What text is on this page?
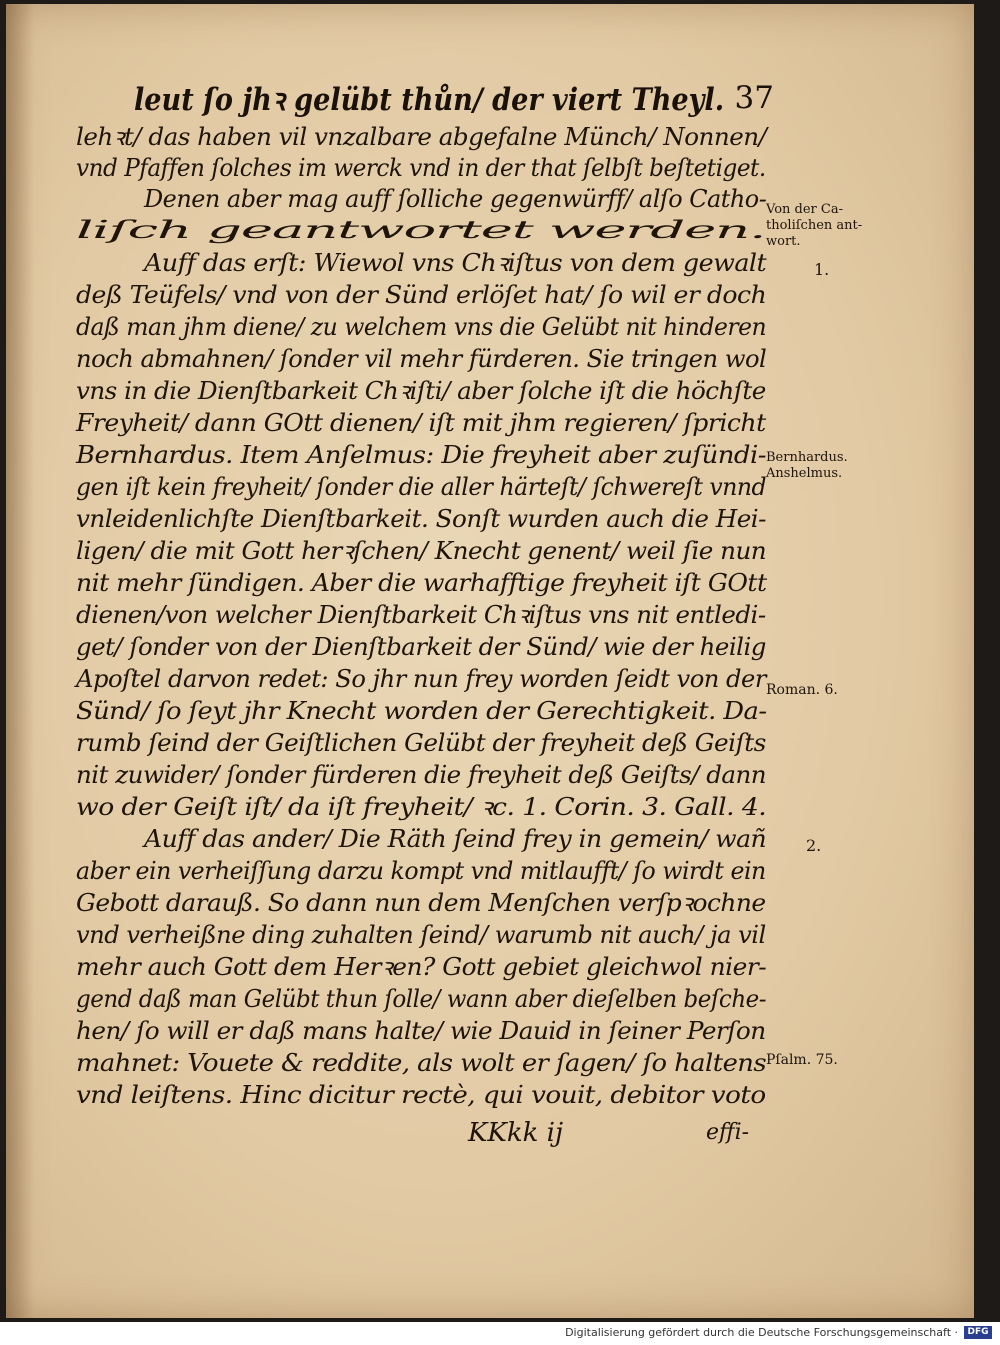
leut ſo jhꝛ gelübt thůn/ der viert Theyl. 37
lehꝛt/ das haben vil vnzalbare abgefalne Münch/ Nonnen/
vnd Pfaffen ſolches im werck vnd in der that ſelbſt beſtetiget.
Denen aber mag auff ſolliche gegenwürff/ alſo Catho-
liſch geantwortet werden.
Auff das erſt: Wiewol vns Chꝛiſtus von dem gewalt
deß Teüfels/ vnd von der Sünd erlöſet hat/ ſo wil er doch
daß man jhm diene/ zu welchem vns die Gelübt nit hinderen
noch abmahnen/ ſonder vil mehr fürderen. Sie tringen wol
vns in die Dienſtbarkeit Chꝛiſti/ aber ſolche iſt die höchſte
Freyheit/ dann GOtt dienen/ iſt mit jhm regieren/ ſpricht
Bernhardus. Item Anſelmus: Die freyheit aber zuſündi-
gen iſt kein freyheit/ ſonder die aller härteſt/ ſchwereſt vnnd
vnleidenlichſte Dienſtbarkeit. Sonſt wurden auch die Hei-
ligen/ die mit Gott herꝛſchen/ Knecht genent/ weil ſie nun
nit mehr ſündigen. Aber die warhafftige freyheit iſt GOtt
dienen/von welcher Dienſtbarkeit Chꝛiſtus vns nit entledi-
get/ ſonder von der Dienſtbarkeit der Sünd/ wie der heilig
Apoſtel darvon redet: So jhr nun frey worden ſeidt von der
Sünd/ ſo ſeyt jhr Knecht worden der Gerechtigkeit. Da-
rumb ſeind der Geiſtlichen Gelübt der freyheit deß Geiſts
nit zuwider/ ſonder fürderen die freyheit deß Geiſts/ dann
wo der Geiſt iſt/ da iſt freyheit/ ꝛc. 1. Corin. 3. Gall. 4.
Auff das ander/ Die Räth ſeind frey in gemein/ wañ
aber ein verheiſſung darzu kompt vnd mitlaufft/ ſo wirdt ein
Gebott darauß. So dann nun dem Menſchen verſpꝛochne
vnd verheißne ding zuhalten ſeind/ warumb nit auch/ ja vil
mehr auch Gott dem Herꝛen? Gott gebiet gleichwol nier-
gend daß man Gelübt thun ſolle/ wann aber dieſelben beſche-
hen/ ſo will er daß mans halte/ wie Dauid in ſeiner Perſon
mahnet: Vouete & reddite, als wolt er ſagen/ ſo haltens
vnd leiſtens. Hinc dicitur rectè, qui vouit, debitor voto
Von der Ca-
tholiſchen ant-
wort.
1.
Bernhardus.
Anshelmus.
Roman. 6.
2.
Pſalm. 75.
KKkk ij	effi-
Digitalisierung gefördert durch die Deutsche Forschungsgemeinschaft ·	DFG
